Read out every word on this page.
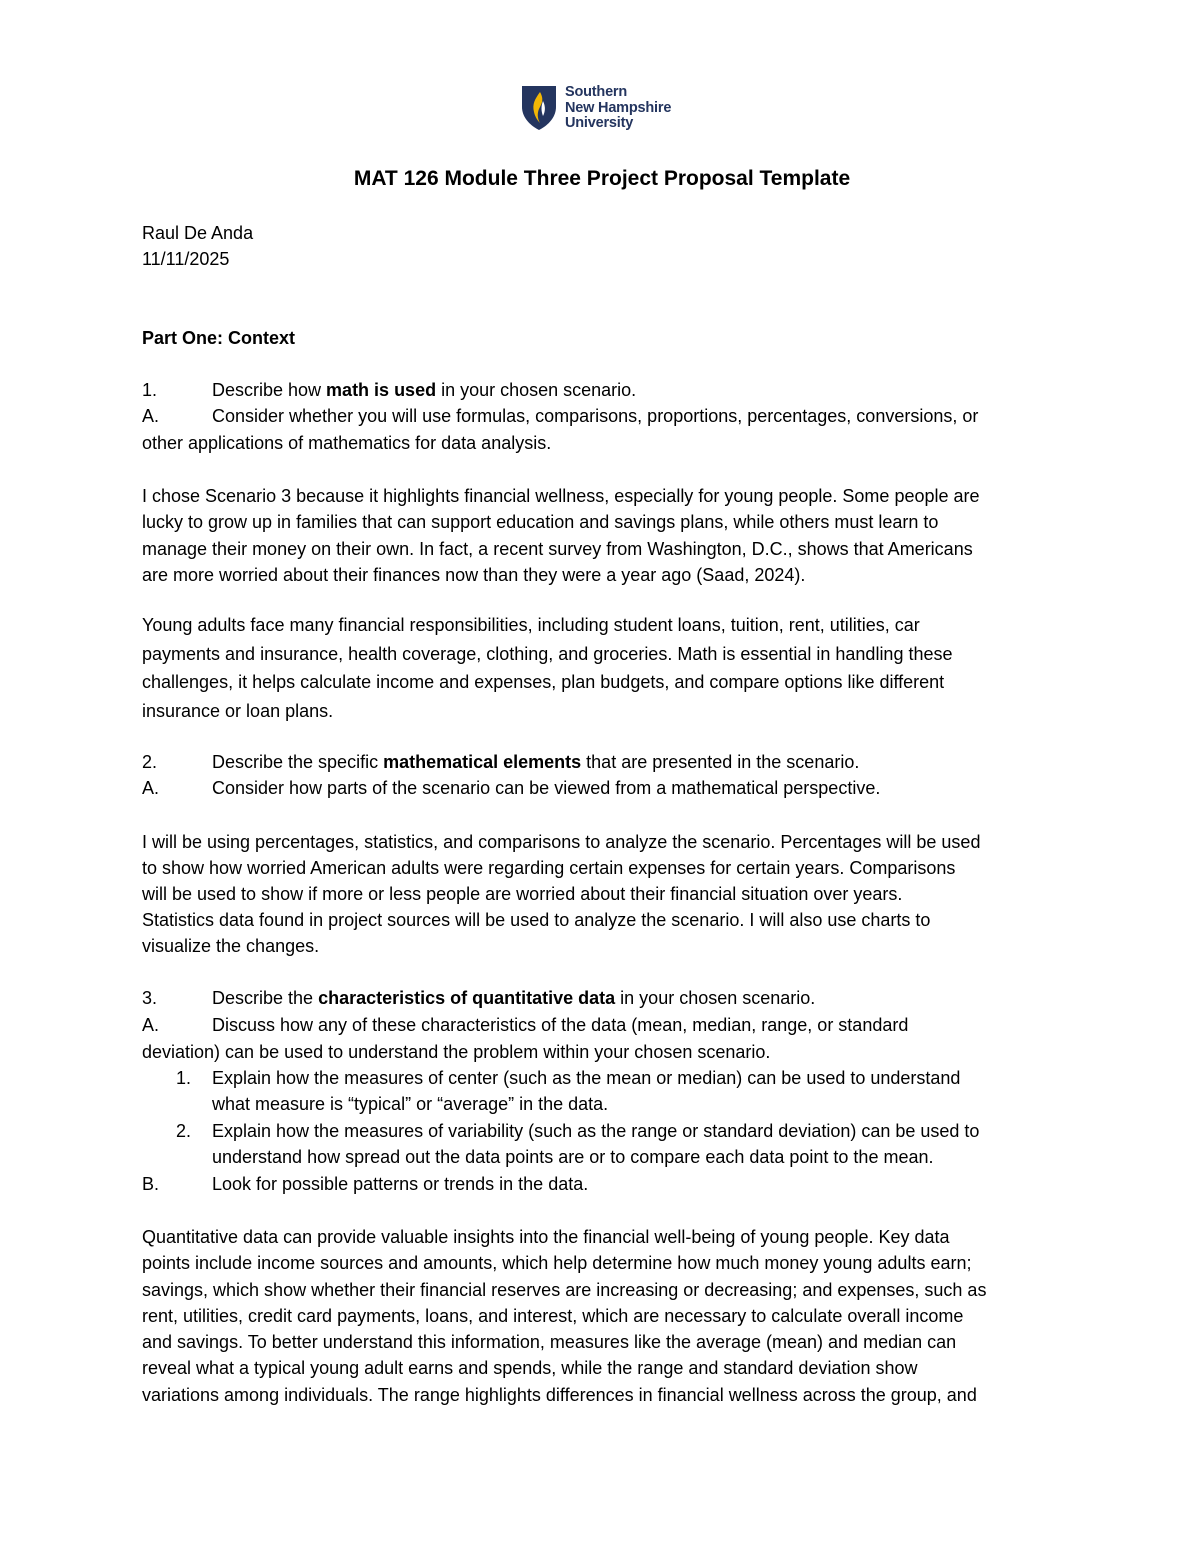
Southern
New Hampshire
University
MAT 126 Module Three Project Proposal Template
Raul De Anda
11/11/2025
Part One: Context
1.	Describe how math is used in your chosen scenario.
A.	Consider whether you will use formulas, comparisons, proportions, percentages, conversions, or
other applications of mathematics for data analysis.
I chose Scenario 3 because it highlights financial wellness, especially for young people. Some people are
lucky to grow up in families that can support education and savings plans, while others must learn to
manage their money on their own. In fact, a recent survey from Washington, D.C., shows that Americans
are more worried about their finances now than they were a year ago (Saad, 2024).
Young adults face many financial responsibilities, including student loans, tuition, rent, utilities, car
payments and insurance, health coverage, clothing, and groceries. Math is essential in handling these
challenges, it helps calculate income and expenses, plan budgets, and compare options like different
insurance or loan plans.
2.	Describe the specific mathematical elements that are presented in the scenario.
A.	Consider how parts of the scenario can be viewed from a mathematical perspective.
I will be using percentages, statistics, and comparisons to analyze the scenario. Percentages will be used
to show how worried American adults were regarding certain expenses for certain years. Comparisons
will be used to show if more or less people are worried about their financial situation over years.
Statistics data found in project sources will be used to analyze the scenario. I will also use charts to
visualize the changes.
3.	Describe the characteristics of quantitative data in your chosen scenario.
A.	Discuss how any of these characteristics of the data (mean, median, range, or standard
deviation) can be used to understand the problem within your chosen scenario.
1. Explain how the measures of center (such as the mean or median) can be used to understand
what measure is “typical” or “average” in the data.
2. Explain how the measures of variability (such as the range or standard deviation) can be used to
understand how spread out the data points are or to compare each data point to the mean.
B.	Look for possible patterns or trends in the data.
Quantitative data can provide valuable insights into the financial well-being of young people. Key data
points include income sources and amounts, which help determine how much money young adults earn;
savings, which show whether their financial reserves are increasing or decreasing; and expenses, such as
rent, utilities, credit card payments, loans, and interest, which are necessary to calculate overall income
and savings. To better understand this information, measures like the average (mean) and median can
reveal what a typical young adult earns and spends, while the range and standard deviation show
variations among individuals. The range highlights differences in financial wellness across the group, and
